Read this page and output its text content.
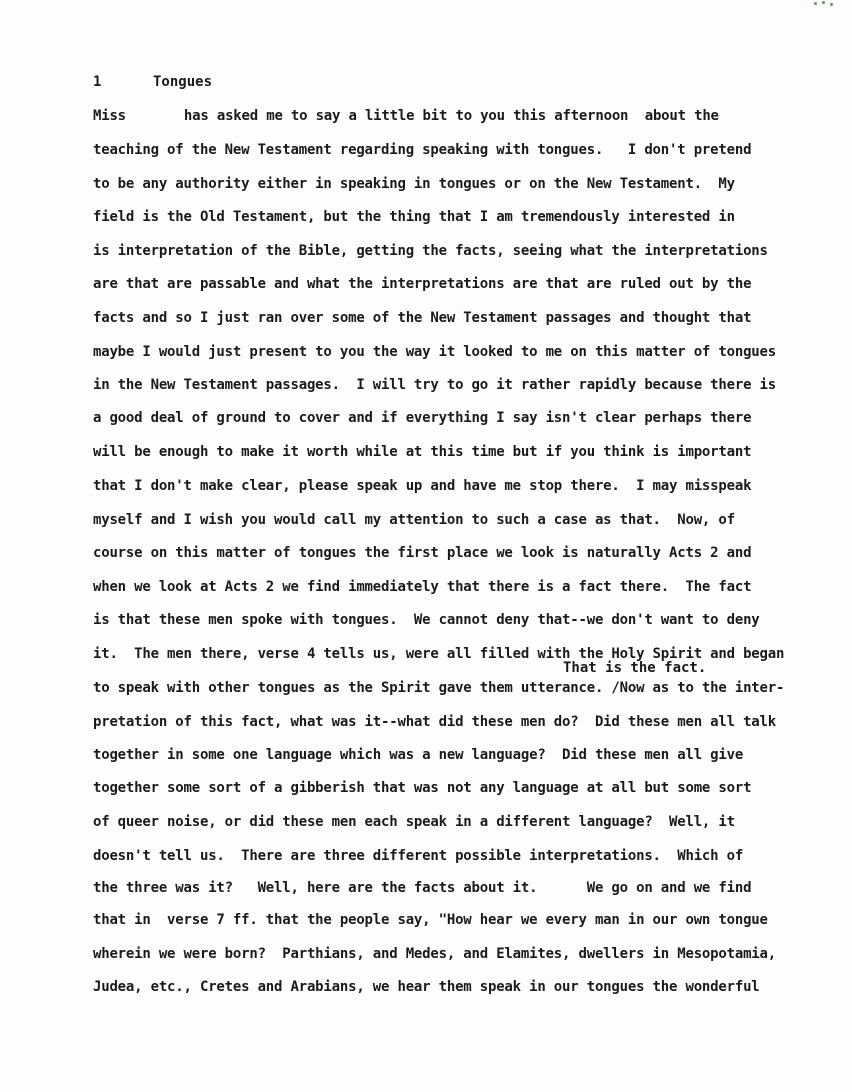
1	Tongues
Miss	has asked me to say a little bit to you this afternoon  about the
teaching of the New Testament regarding speaking with tongues.   I don't pretend
to be any authority either in speaking in tongues or on the New Testament.  My
field is the Old Testament, but the thing that I am tremendously interested in
is interpretation of the Bible, getting the facts, seeing what the interpretations
are that are passable and what the interpretations are that are ruled out by the
facts and so I just ran over some of the New Testament passages and thought that
maybe I would just present to you the way it looked to me on this matter of tongues
in the New Testament passages.  I will try to go it rather rapidly because there is
a good deal of ground to cover and if everything I say isn't clear perhaps there
will be enough to make it worth while at this time but if you think is important
that I don't make clear, please speak up and have me stop there.  I may misspeak
myself and I wish you would call my attention to such a case as that.  Now, of
course on this matter of tongues the first place we look is naturally Acts 2 and
when we look at Acts 2 we find immediately that there is a fact there.  The fact
is that these men spoke with tongues.  We cannot deny that--we don't want to deny
it.  The men there, verse 4 tells us, were all filled with the Holy Spirit and began
That is the fact.
to speak with other tongues as the Spirit gave them utterance. /Now as to the inter-
pretation of this fact, what was it--what did these men do?  Did these men all talk
together in some one language which was a new language?  Did these men all give
together some sort of a gibberish that was not any language at all but some sort
of queer noise, or did these men each speak in a different language?  Well, it
doesn't tell us.  There are three different possible interpretations.  Which of
the three was it?   Well, here are the facts about it.      We go on and we find
that in  verse 7 ff. that the people say, "How hear we every man in our own tongue
wherein we were born?  Parthians, and Medes, and Elamites, dwellers in Mesopotamia,
Judea, etc., Cretes and Arabians, we hear them speak in our tongues the wonderful
